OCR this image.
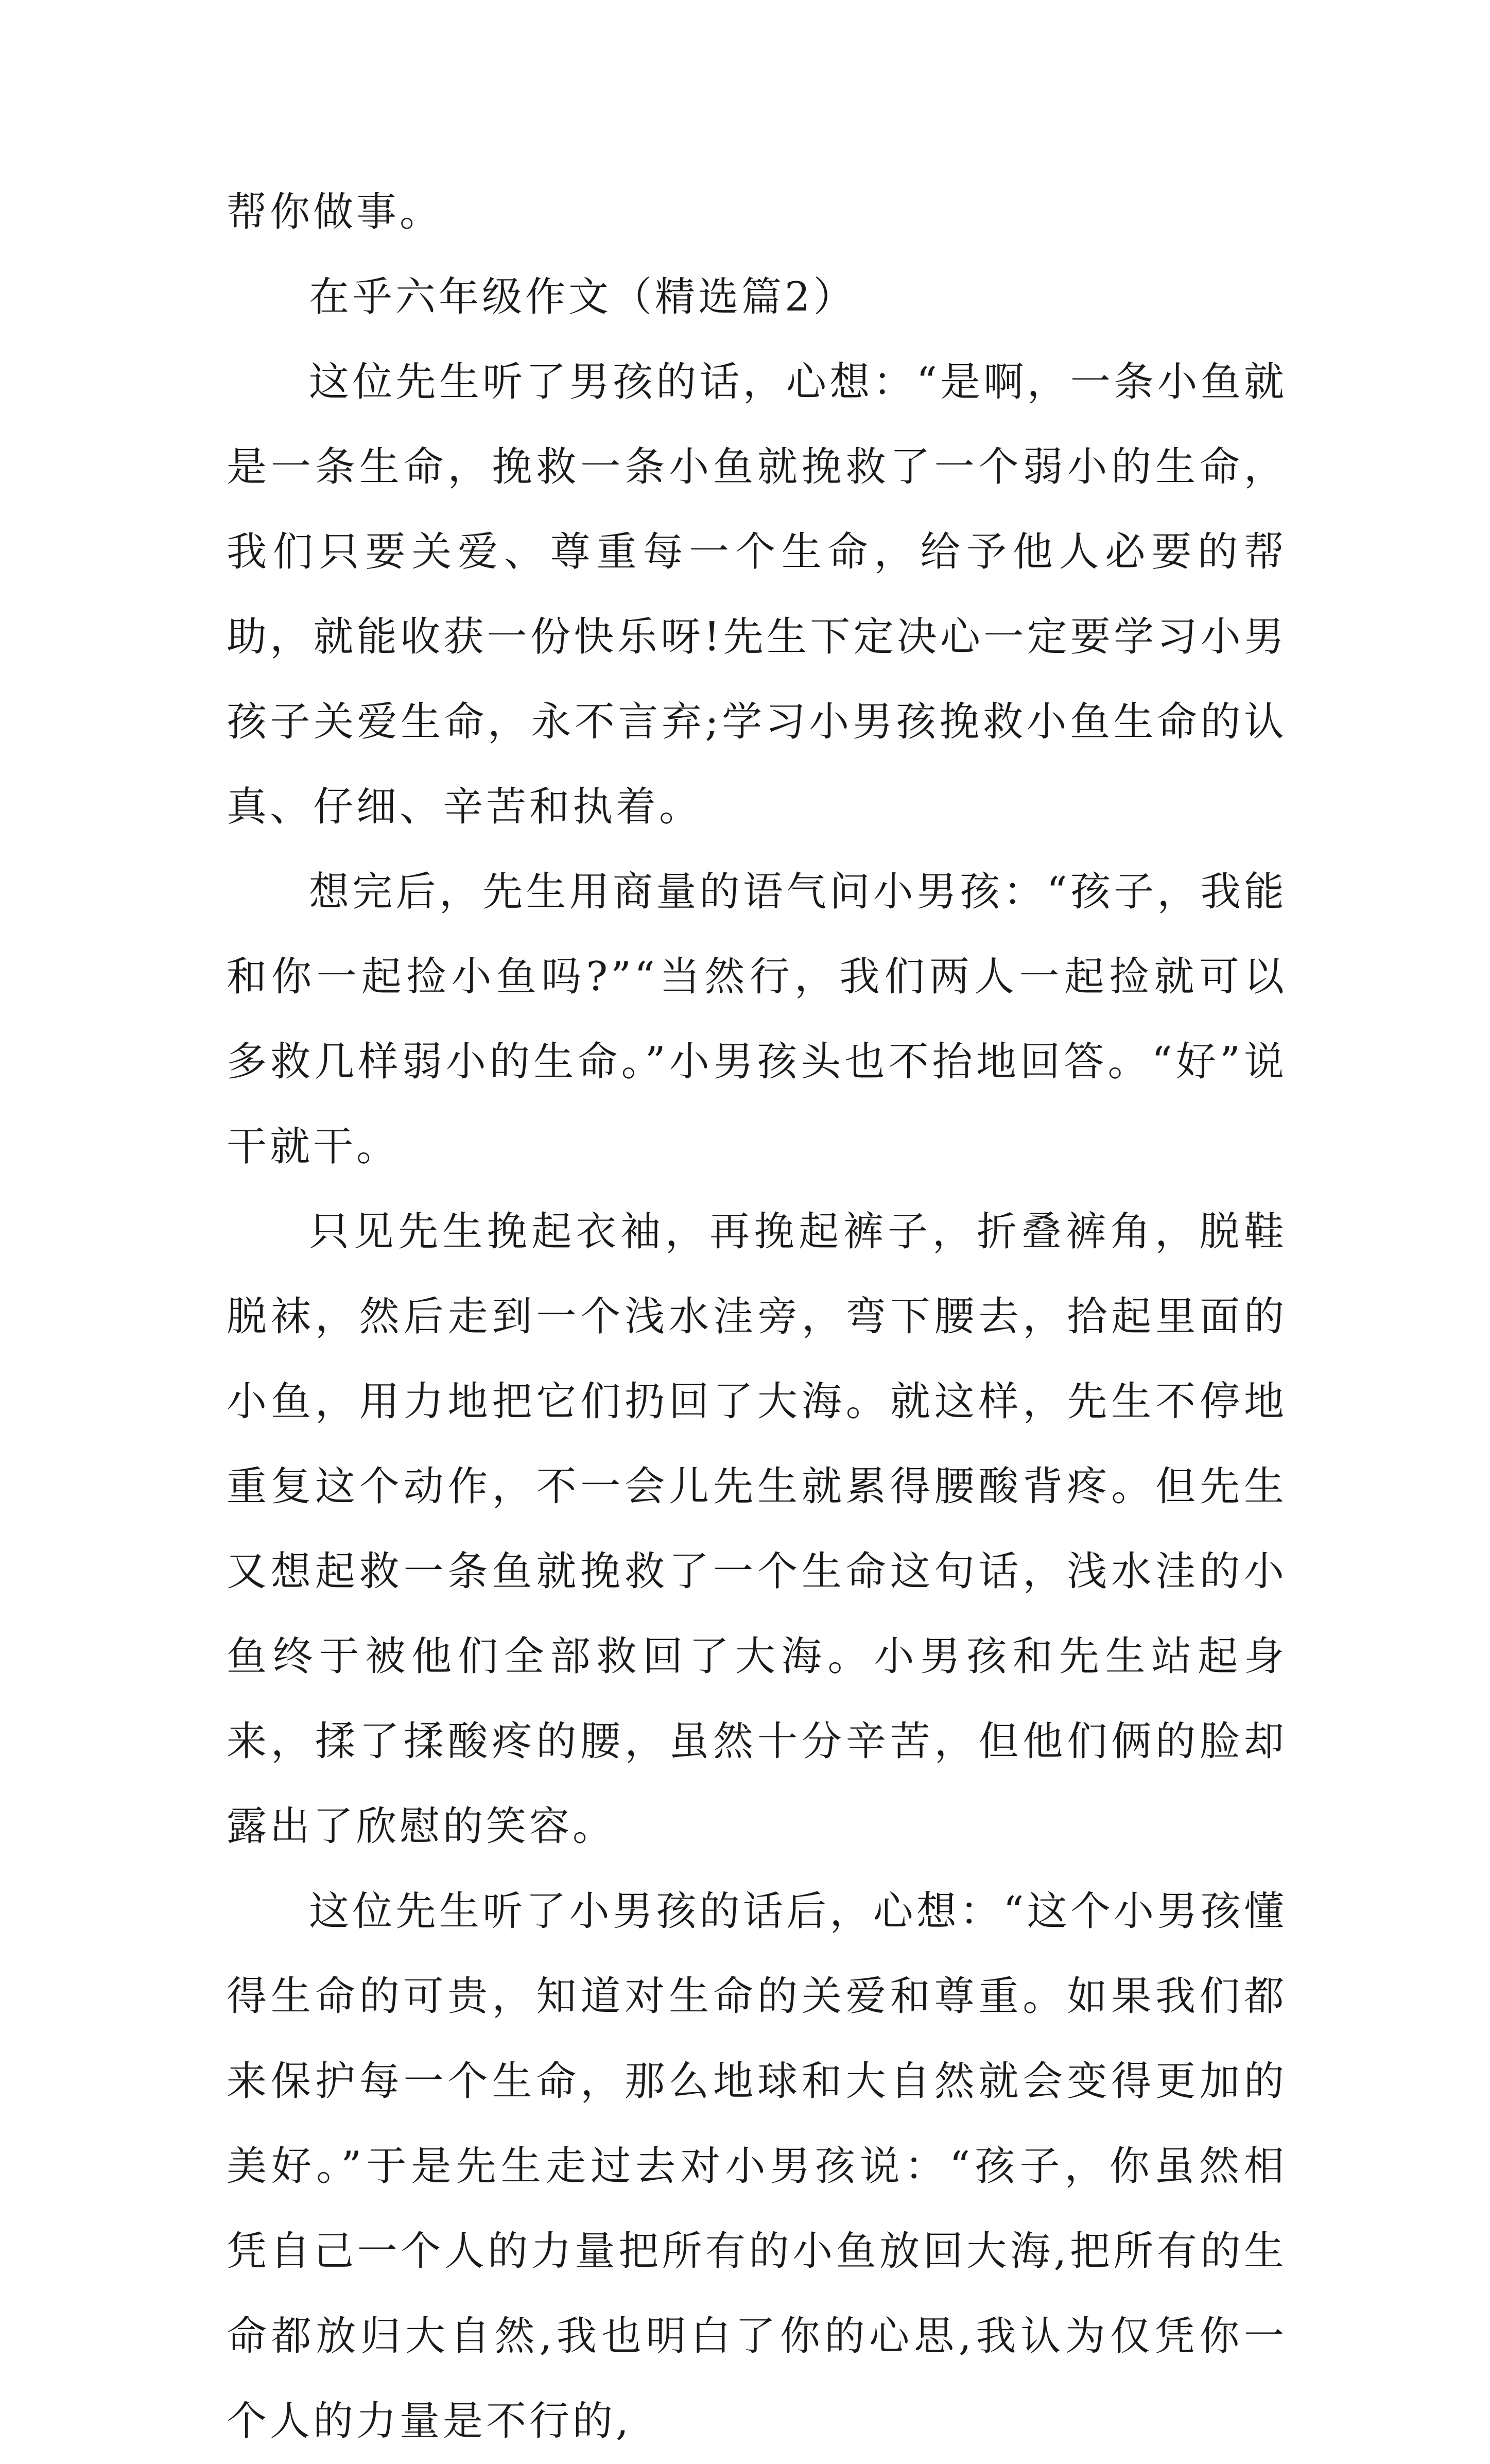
帮你做事。

在乎六年级作文（精选篇2）

这位先生听了男孩的话，心想：“是啊，一条小鱼就是一条生命，挽救一条小鱼就挽救了一个弱小的生命，我们只要关爱、尊重每一个生命，给予他人必要的帮助，就能收获一份快乐呀!先生下定决心一定要学习小男孩子关爱生命，永不言弃;学习小男孩挽救小鱼生命的认真、仔细、辛苦和执着。

想完后，先生用商量的语气问小男孩：“孩子，我能和你一起捡小鱼吗?”“当然行，我们两人一起捡就可以多救几样弱小的生命。”小男孩头也不抬地回答。“好”说干就干。

只见先生挽起衣袖，再挽起裤子，折叠裤角，脱鞋脱袜，然后走到一个浅水洼旁，弯下腰去，拾起里面的小鱼，用力地把它们扔回了大海。就这样，先生不停地重复这个动作，不一会儿先生就累得腰酸背疼。但先生又想起救一条鱼就挽救了一个生命这句话，浅水洼的小鱼终于被他们全部救回了大海。小男孩和先生站起身来，揉了揉酸疼的腰，虽然十分辛苦，但他们俩的脸却露出了欣慰的笑容。

这位先生听了小男孩的话后，心想：“这个小男孩懂得生命的可贵，知道对生命的关爱和尊重。如果我们都来保护每一个生命，那么地球和大自然就会变得更加的美好。”于是先生走过去对小男孩说：“孩子，你虽然相凭自己一个人的力量把所有的小鱼放回大海,把所有的生命都放归大自然,我也明白了你的心思,我认为仅凭你一个人的力量是不行的,
